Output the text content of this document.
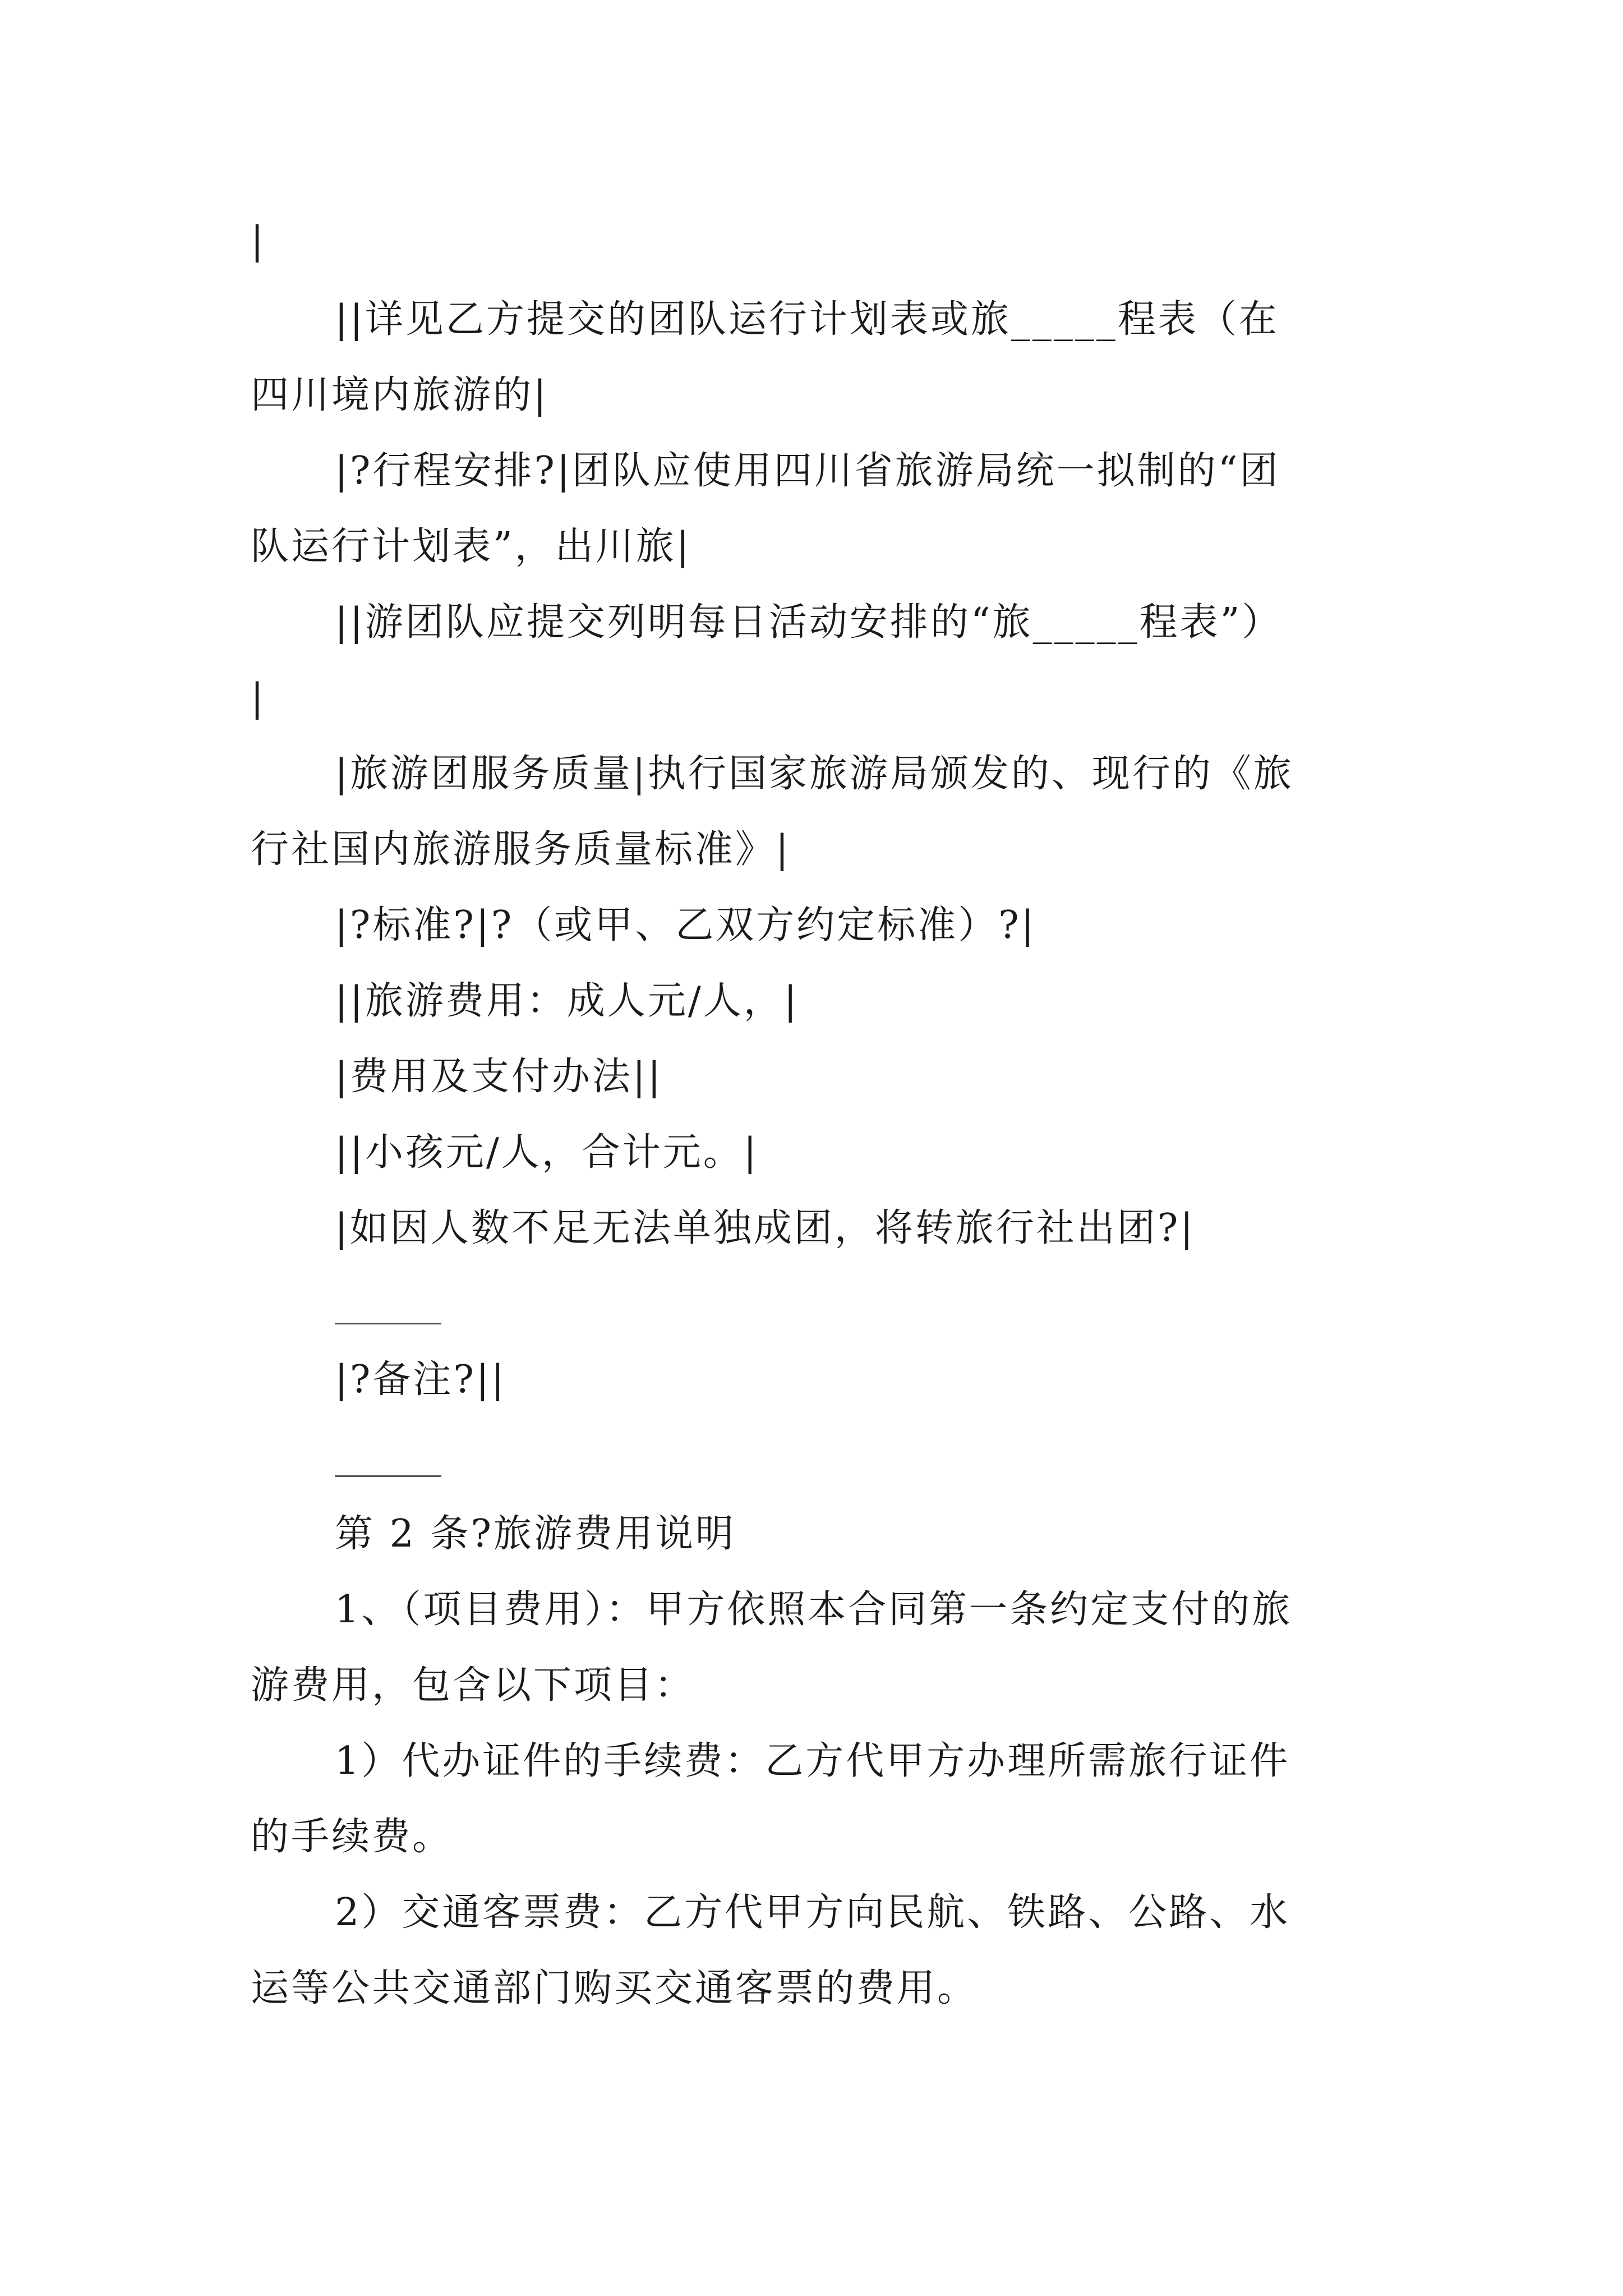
|
||详见乙方提交的团队运行计划表或旅_____程表（在
四川境内旅游的|
|?行程安排?|团队应使用四川省旅游局统一拟制的“团
队运行计划表”，出川旅|
||游团队应提交列明每日活动安排的“旅_____程表”）
|
|旅游团服务质量|执行国家旅游局颁发的、现行的《旅
行社国内旅游服务质量标准》|
|?标准?|?（或甲、乙双方约定标准）?|
||旅游费用：成人元/人，|
|费用及支付办法||
||小孩元/人，合计元。|
|如因人数不足无法单独成团，将转旅行社出团?|
|?备注?||
第 2 条?旅游费用说明
1、（项目费用）：甲方依照本合同第一条约定支付的旅
游费用，包含以下项目：
1）代办证件的手续费：乙方代甲方办理所需旅行证件
的手续费。
2）交通客票费：乙方代甲方向民航、铁路、公路、水
运等公共交通部门购买交通客票的费用。
